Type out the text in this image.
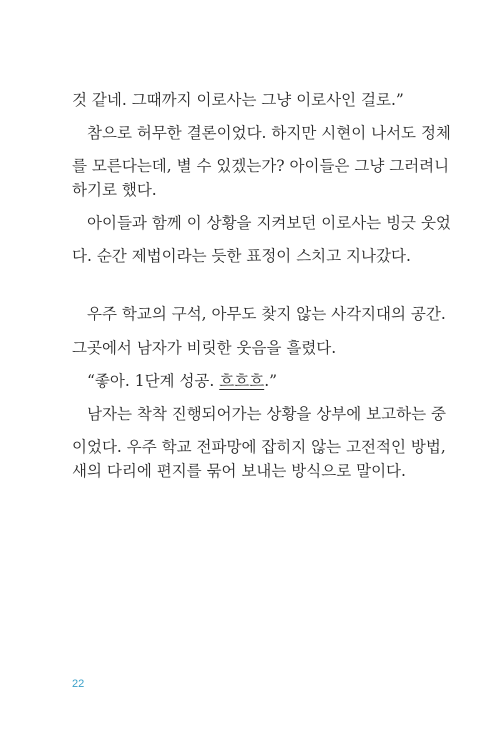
것 같네. 그때까지 이로사는 그냥 이로사인 걸로.”
참으로 허무한 결론이었다. 하지만 시현이 나서도 정체
를 모른다는데, 별 수 있겠는가? 아이들은 그냥 그러려니
하기로 했다.
아이들과 함께 이 상황을 지켜보던 이로사는 빙긋 웃었
다. 순간 제법이라는 듯한 표정이 스치고 지나갔다.
우주 학교의 구석, 아무도 찾지 않는 사각지대의 공간.
그곳에서 남자가 비릿한 웃음을 흘렸다.
“좋아. 1단계 성공. 흐흐흐.”
남자는 착착 진행되어가는 상황을 상부에 보고하는 중
이었다. 우주 학교 전파망에 잡히지 않는 고전적인 방법,
새의 다리에 편지를 묶어 보내는 방식으로 말이다.
22
